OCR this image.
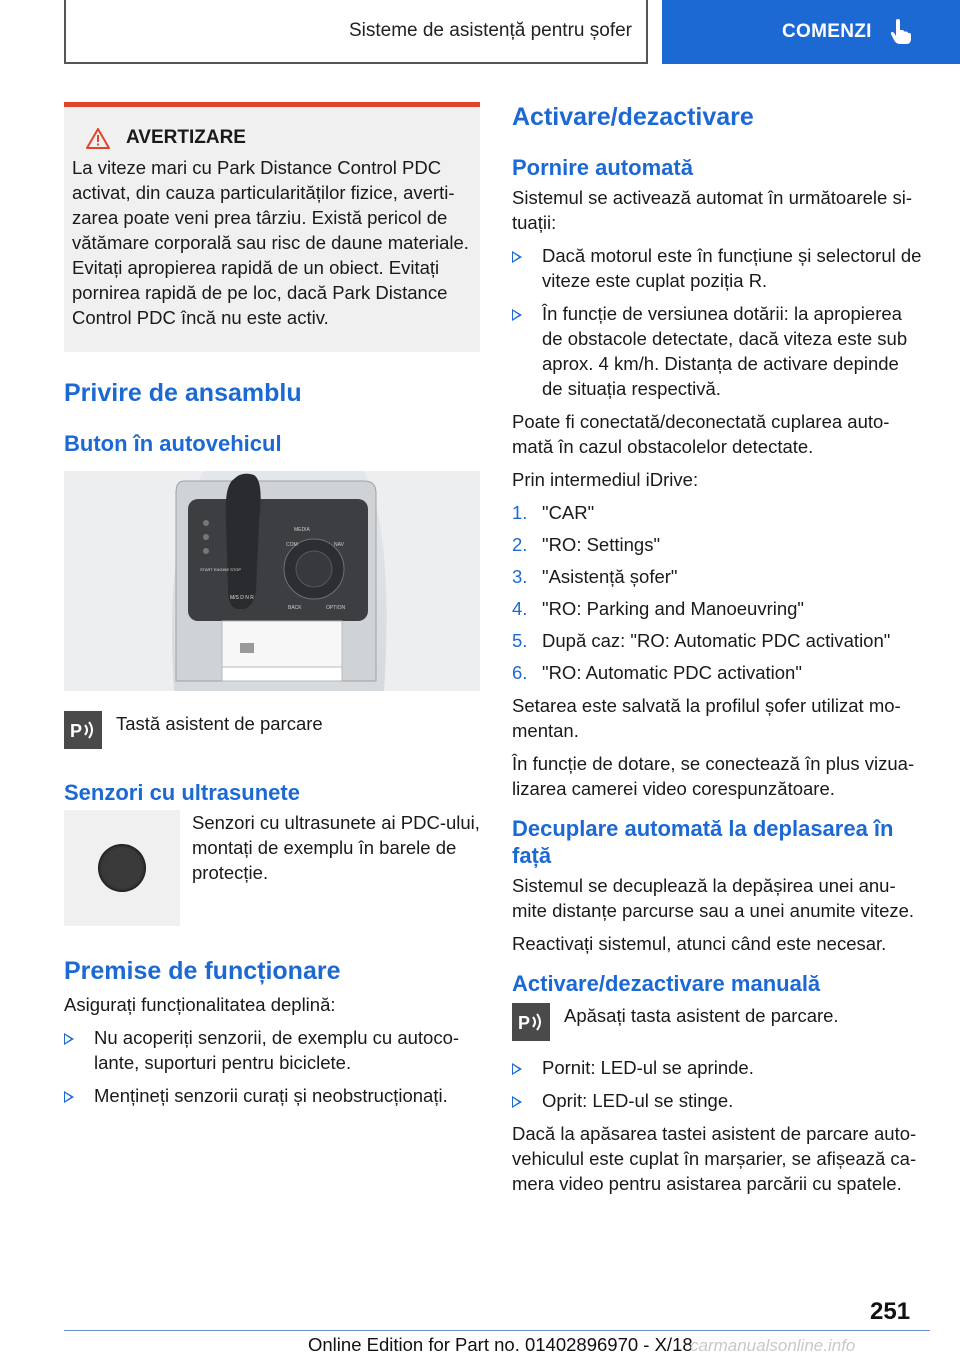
Sisteme de asistență pentru șofer	COMENZI
AVERTIZARE

La viteze mari cu Park Distance Control PDC activat, din cauza particularităților fizice, avertizarea poate veni prea târziu. Există pericol de vătămare corporală sau risc de daune materiale. Evitați apropierea rapidă de un obiect. Evitați pornirea rapidă de pe loc, dacă Park Distance Control PDC încă nu este activ.

Privire de ansamblu
Buton în autovehicul
MEDIA
COM	NAV
BACK	OPTION
START ENGINE STOP
M/S D N R
P Tastă asistent de parcare

Senzori cu ultrasunete

Senzori cu ultrasunete ai PDC-ului, montați de exemplu în barele de protecție.

Premise de funcționare

Asigurați funcționalitatea deplină:

Nu acoperiți senzorii, de exemplu cu autocolante, suporturi pentru biciclete.
Mențineți senzorii curați și neobstrucționați.
Activare/dezactivare
Pornire automată

Sistemul se activează automat în următoarele situații:

Dacă motorul este în funcțiune și selectorul de viteze este cuplat poziția R.
În funcție de versiunea dotării: la apropierea de obstacole detectate, dacă viteza este sub aprox. 4 km/h. Distanța de activare depinde de situația respectivă.

Poate fi conectată/deconectată cuplarea automată în cazul obstacolelor detectate.

Prin intermediul iDrive:

1. "CAR"
2. "RO: Settings"
3. "Asistență șofer"
4. "RO: Parking and Manoeuvring"
5. După caz: "RO: Automatic PDC activation"
6. "RO: Automatic PDC activation"

Setarea este salvată la profilul șofer utilizat momentan.

În funcție de dotare, se conectează în plus vizualizarea camerei video corespunzătoare.

Decuplare automată la deplasarea în față

Sistemul se decuplează la depășirea unei anumite distanțe parcurse sau a unei anumite viteze.

Reactivați sistemul, atunci când este necesar.

Activare/dezactivare manuală
P Apăsați tasta asistent de parcare.

Pornit: LED-ul se aprinde.
Oprit: LED-ul se stinge.

Dacă la apăsarea tastei asistent de parcare autovehiculul este cuplat în marșarier, se afișează camera video pentru asistarea parcării cu spatele.

251
Online Edition for Part no. 01402896970 - X/18
carmanualsonline.info
